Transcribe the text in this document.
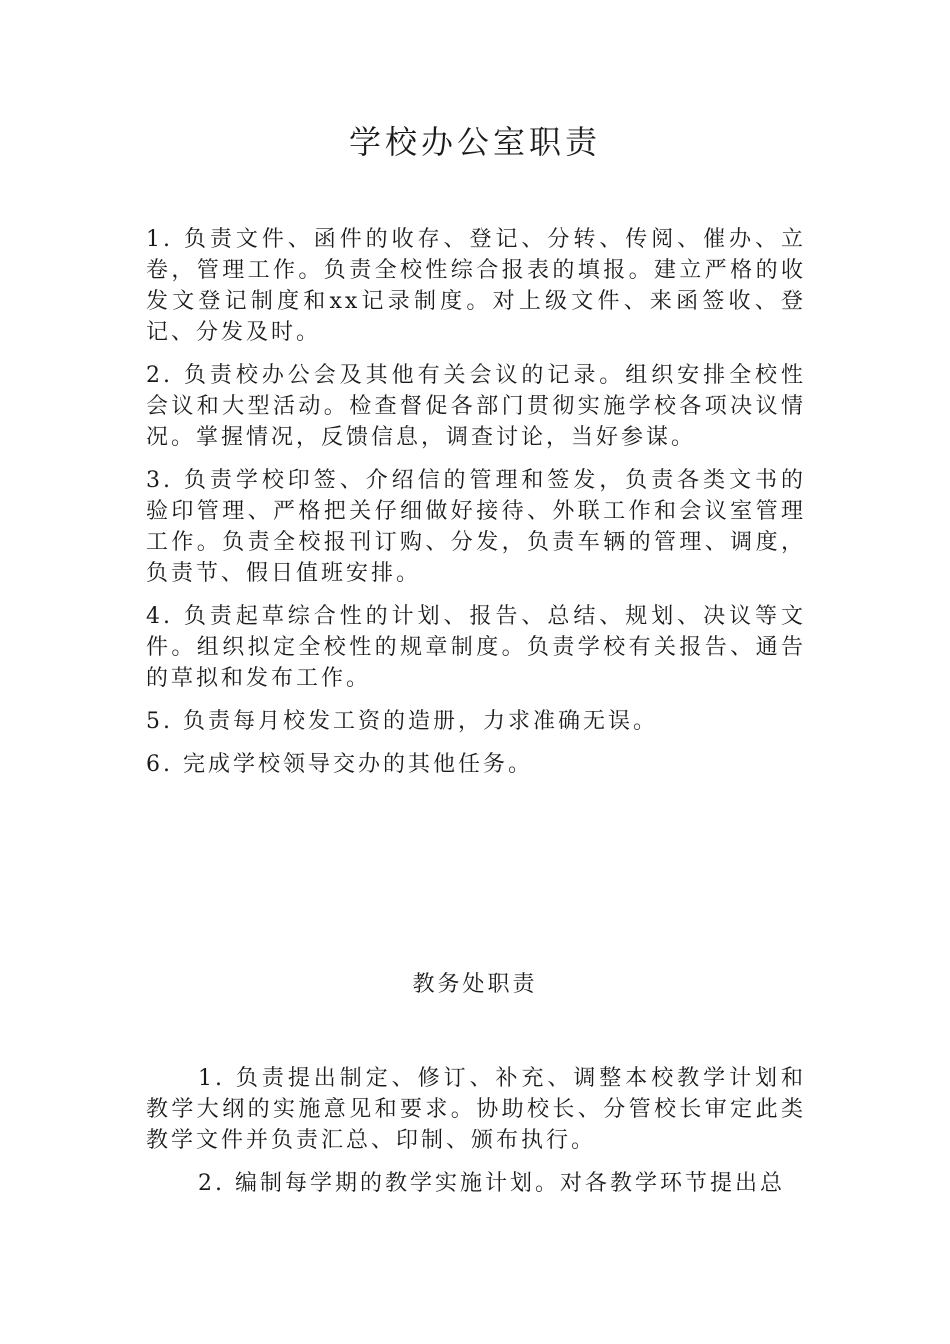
学校办公室职责

1. 负责文件、函件的收存、登记、分转、传阅、催办、立卷，管理工作。负责全校性综合报表的填报。建立严格的收发文登记制度和xx记录制度。对上级文件、来函签收、登记、分发及时。

2. 负责校办公会及其他有关会议的记录。组织安排全校性会议和大型活动。检查督促各部门贯彻实施学校各项决议情况。掌握情况，反馈信息，调查讨论，当好参谋。

3. 负责学校印签、介绍信的管理和签发，负责各类文书的验印管理、严格把关仔细做好接待、外联工作和会议室管理工作。负责全校报刊订购、分发，负责车辆的管理、调度，负责节、假日值班安排。

4. 负责起草综合性的计划、报告、总结、规划、决议等文件。组织拟定全校性的规章制度。负责学校有关报告、通告的草拟和发布工作。

5. 负责每月校发工资的造册，力求准确无误。

6. 完成学校领导交办的其他任务。

教务处职责

1. 负责提出制定、修订、补充、调整本校教学计划和教学大纲的实施意见和要求。协助校长、分管校长审定此类教学文件并负责汇总、印制、颁布执行。

2. 编制每学期的教学实施计划。对各教学环节提出总
